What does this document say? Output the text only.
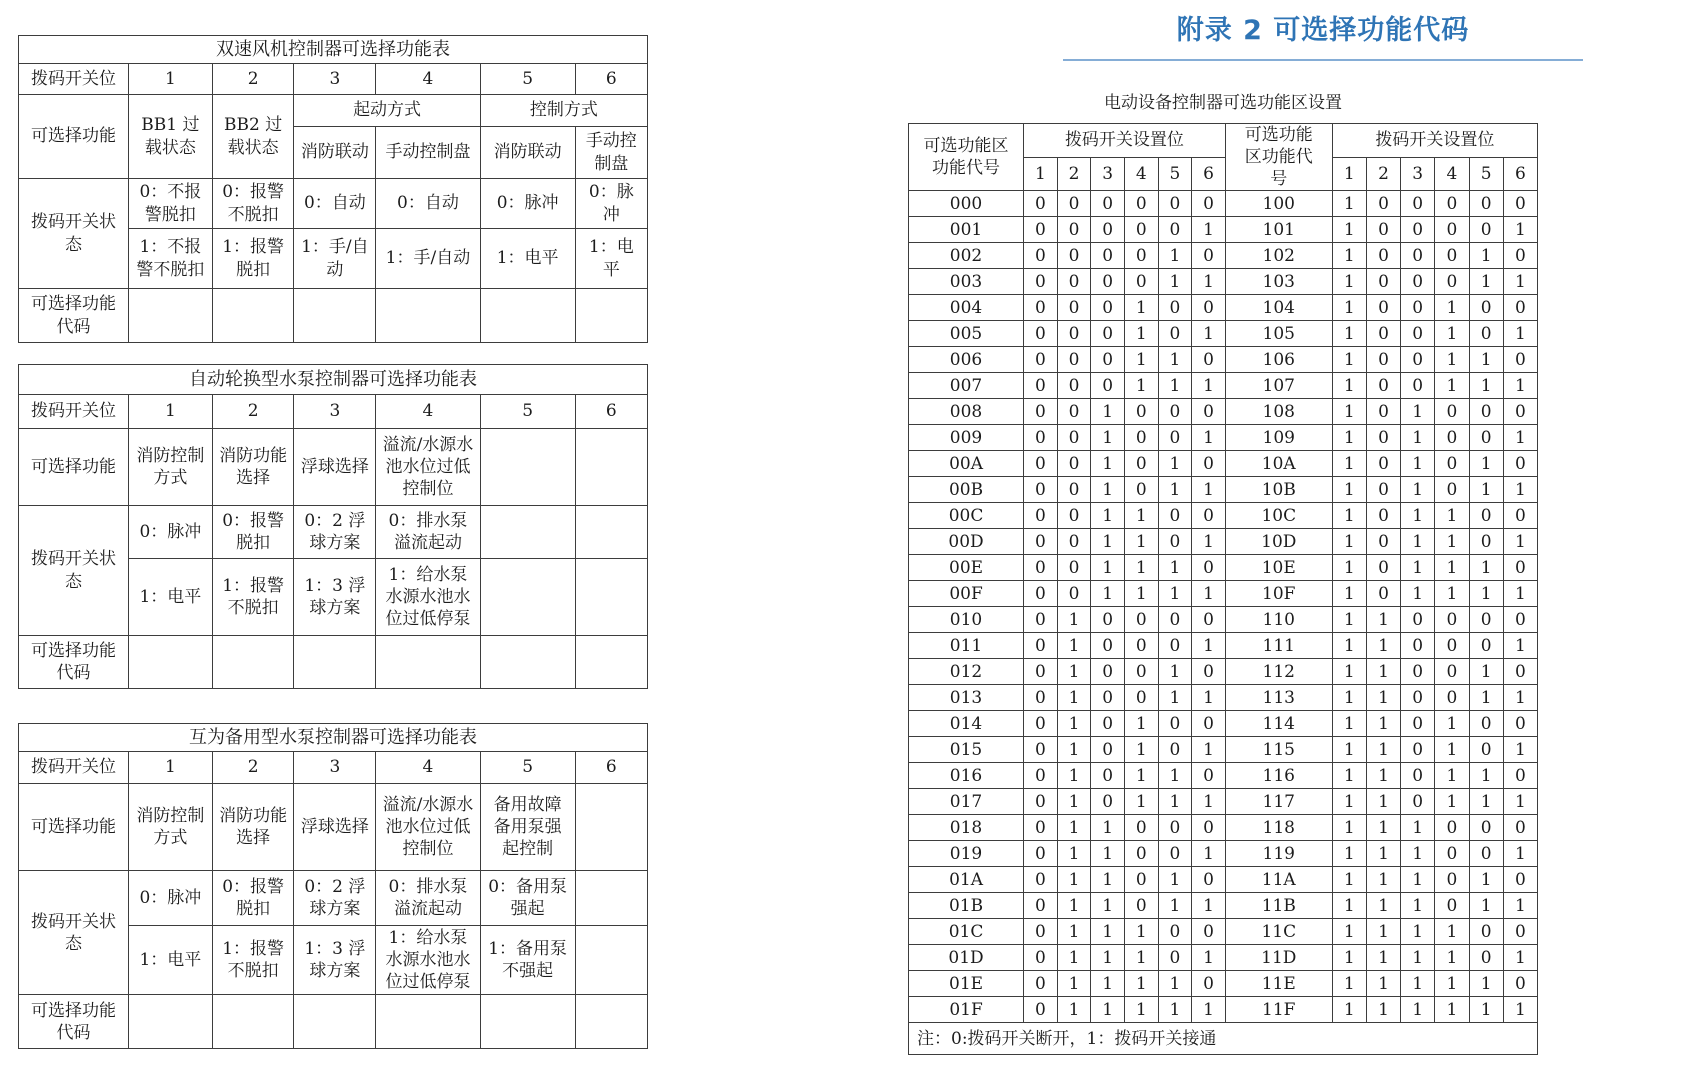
双速风机控制器可选择功能表						
拨码开关位	1	2	3	4	5	6
可选择功能	BB1 过载状态	BB2 过载状态	起动方式		控制方式	
			消防联动	手动控制盘	消防联动	手动控制盘
拨码开关状态	0：不报警脱扣	0：报警不脱扣	0：自动	0：自动	0：脉冲	0：脉冲
	1：不报警不脱扣	1：报警脱扣	1：手/自动	1：手/自动	1：电平	1：电平
可选择功能代码						
自动轮换型水泵控制器可选择功能表						
拨码开关位	1	2	3	4	5	6
可选择功能	消防控制方式	消防功能选择	浮球选择	溢流/水源水池水位过低控制位		
拨码开关状态	0：脉冲	0：报警脱扣	0：2 浮球方案	0：排水泵溢流起动		
	1：电平	1：报警不脱扣	1：3 浮球方案	1：给水泵水源水池水位过低停泵		
可选择功能代码						
互为备用型水泵控制器可选择功能表						
拨码开关位	1	2	3	4	5	6
可选择功能	消防控制方式	消防功能选择	浮球选择	溢流/水源水池水位过低控制位	备用故障备用泵强起控制	
拨码开关状态	0：脉冲	0：报警脱扣	0：2 浮球方案	0：排水泵溢流起动	0：备用泵强起	
	1：电平	1：报警不脱扣	1：3 浮球方案	1：给水泵水源水池水位过低停泵	1：备用泵不强起	
可选择功能代码						
附录 2 可选择功能代码
电动设备控制器可选功能区设置
可选功能区功能代号	拨码开关设置位						可选功能区功能代号	拨码开关设置位					
	1	2	3	4	5	6		1	2	3	4	5	6
000	0	0	0	0	0	0	100	1	0	0	0	0	0
001	0	0	0	0	0	1	101	1	0	0	0	0	1
002	0	0	0	0	1	0	102	1	0	0	0	1	0
003	0	0	0	0	1	1	103	1	0	0	0	1	1
004	0	0	0	1	0	0	104	1	0	0	1	0	0
005	0	0	0	1	0	1	105	1	0	0	1	0	1
006	0	0	0	1	1	0	106	1	0	0	1	1	0
007	0	0	0	1	1	1	107	1	0	0	1	1	1
008	0	0	1	0	0	0	108	1	0	1	0	0	0
009	0	0	1	0	0	1	109	1	0	1	0	0	1
00A	0	0	1	0	1	0	10A	1	0	1	0	1	0
00B	0	0	1	0	1	1	10B	1	0	1	0	1	1
00C	0	0	1	1	0	0	10C	1	0	1	1	0	0
00D	0	0	1	1	0	1	10D	1	0	1	1	0	1
00E	0	0	1	1	1	0	10E	1	0	1	1	1	0
00F	0	0	1	1	1	1	10F	1	0	1	1	1	1
010	0	1	0	0	0	0	110	1	1	0	0	0	0
011	0	1	0	0	0	1	111	1	1	0	0	0	1
012	0	1	0	0	1	0	112	1	1	0	0	1	0
013	0	1	0	0	1	1	113	1	1	0	0	1	1
014	0	1	0	1	0	0	114	1	1	0	1	0	0
015	0	1	0	1	0	1	115	1	1	0	1	0	1
016	0	1	0	1	1	0	116	1	1	0	1	1	0
017	0	1	0	1	1	1	117	1	1	0	1	1	1
018	0	1	1	0	0	0	118	1	1	1	0	0	0
019	0	1	1	0	0	1	119	1	1	1	0	0	1
01A	0	1	1	0	1	0	11A	1	1	1	0	1	0
01B	0	1	1	0	1	1	11B	1	1	1	0	1	1
01C	0	1	1	1	0	0	11C	1	1	1	1	0	0
01D	0	1	1	1	0	1	11D	1	1	1	1	0	1
01E	0	1	1	1	1	0	11E	1	1	1	1	1	0
01F	0	1	1	1	1	1	11F	1	1	1	1	1	1
注：0:拨码开关断开，1：拨码开关接通													
